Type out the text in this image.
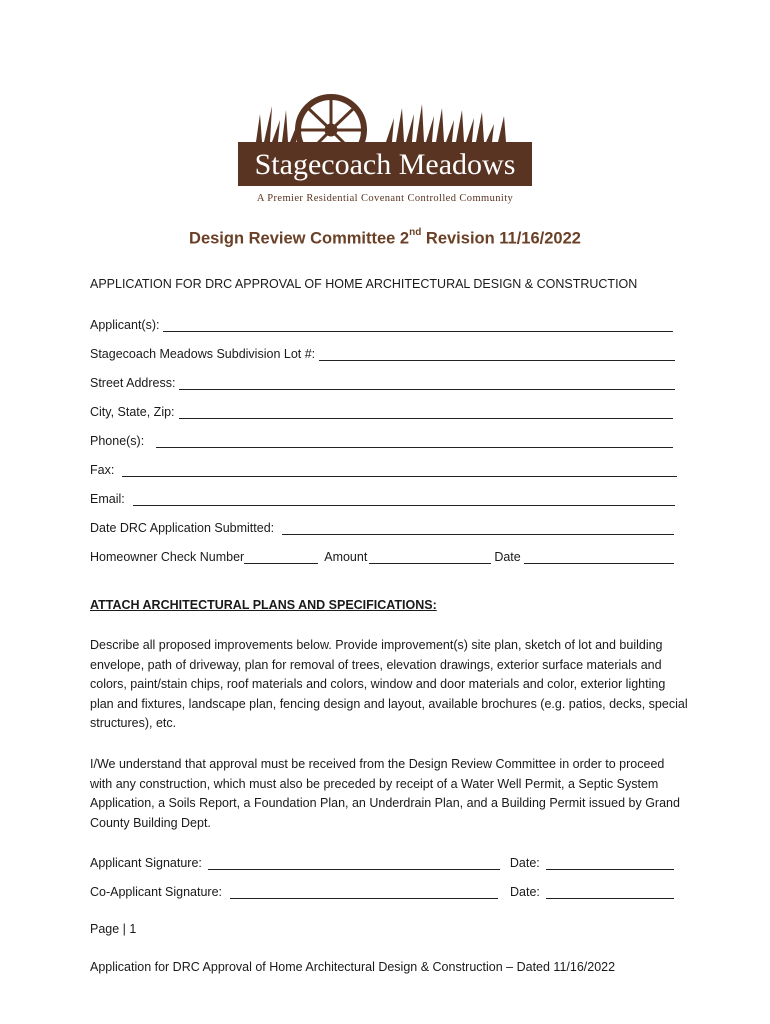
Stagecoach Meadows
A Premier Residential Covenant Controlled Community
Design Review Committee 2nd Revision 11/16/2022
APPLICATION FOR DRC APPROVAL OF HOME ARCHITECTURAL DESIGN & CONSTRUCTION
Applicant(s):
Stagecoach Meadows Subdivision Lot #:
Street Address:
City, State, Zip:
Phone(s):
Fax:
Email:
Date DRC Application Submitted:
Homeowner Check Number	Amount	Date
ATTACH ARCHITECTURAL PLANS AND SPECIFICATIONS:
Describe all proposed improvements below. Provide improvement(s) site plan, sketch of lot and building envelope, path of driveway, plan for removal of trees, elevation drawings, exterior surface materials and colors, paint/stain chips, roof materials and colors, window and door materials and color, exterior lighting plan and fixtures, landscape plan, fencing design and layout, available brochures (e.g. patios, decks, special structures), etc.
I/We understand that approval must be received from the Design Review Committee in order to proceed with any construction, which must also be preceded by receipt of a Water Well Permit, a Septic System Application, a Soils Report, a Foundation Plan, an Underdrain Plan, and a Building Permit issued by Grand County Building Dept.
Applicant Signature:	Date:
Co-Applicant Signature:	Date:
Page | 1
Application for DRC Approval of Home Architectural Design & Construction – Dated 11/16/2022
